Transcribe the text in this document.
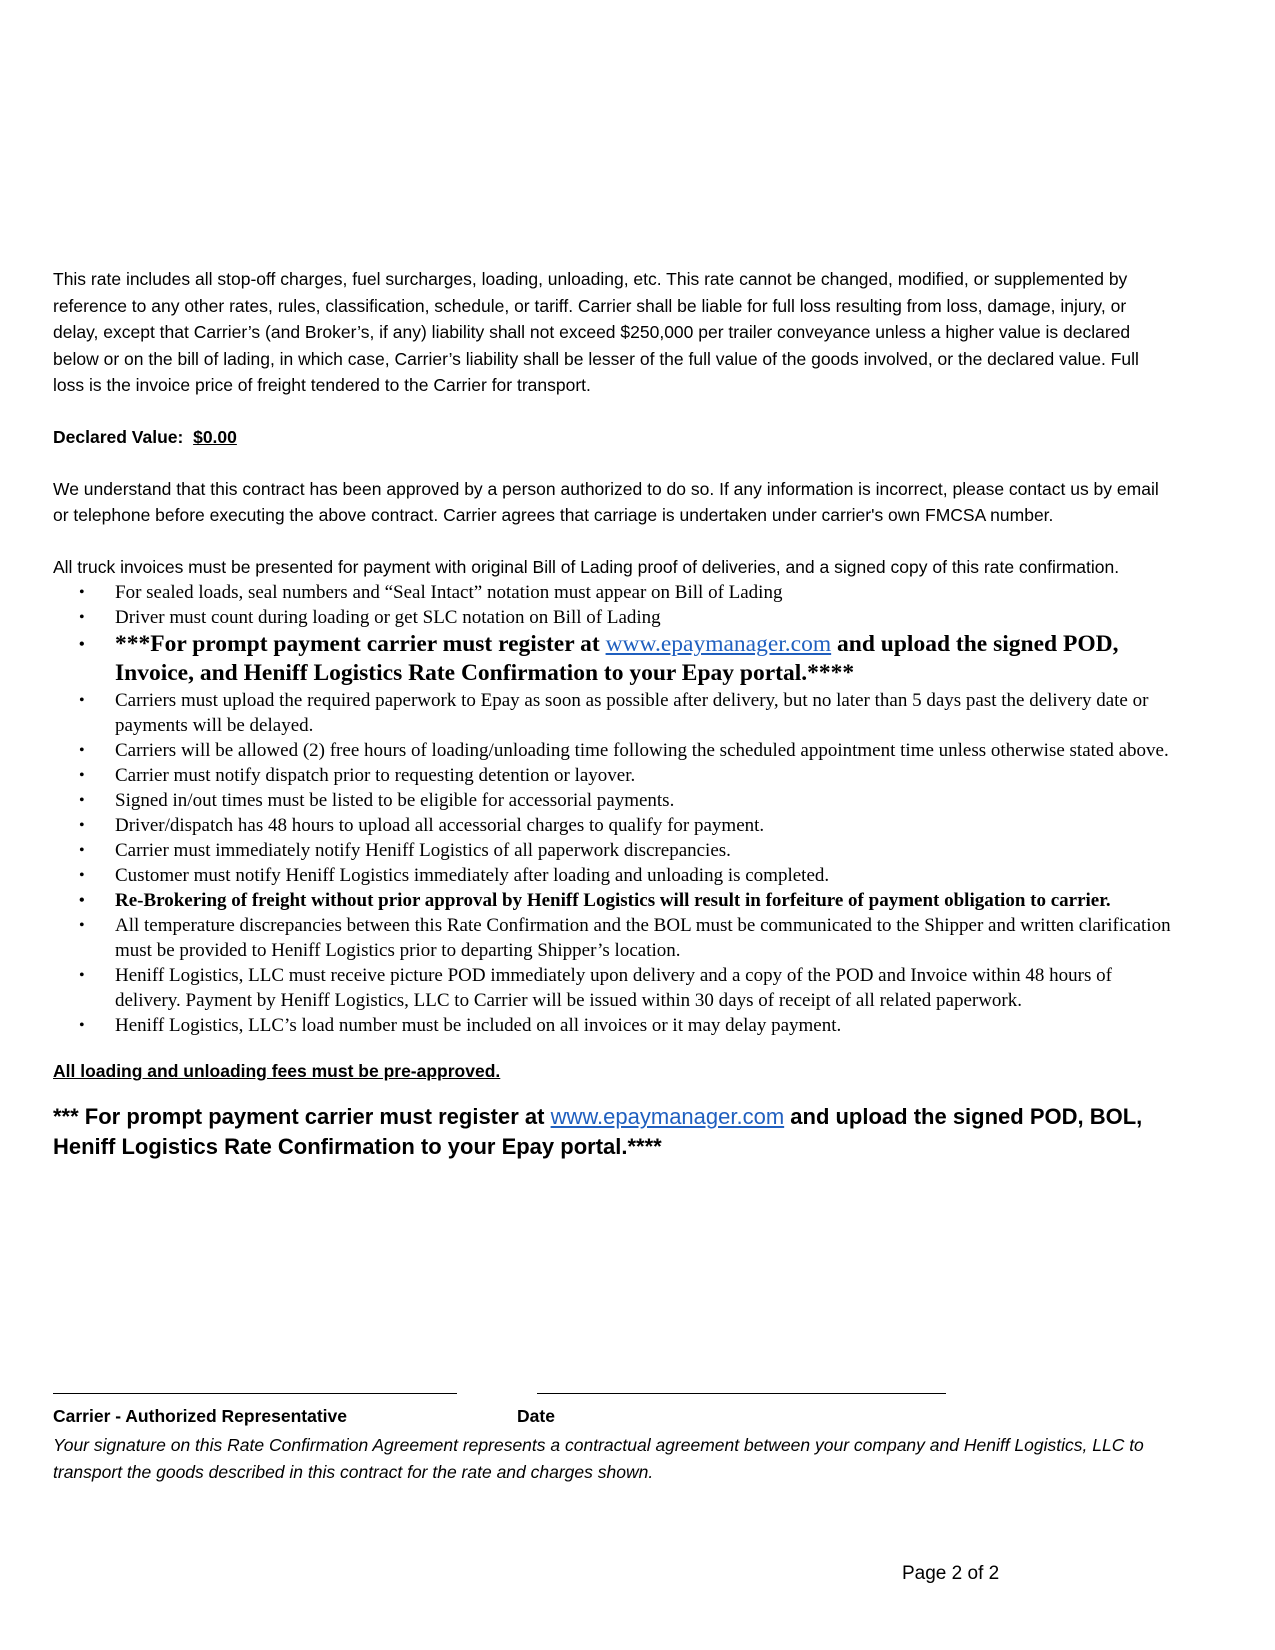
This rate includes all stop-off charges, fuel surcharges, loading, unloading, etc. This rate cannot be changed, modified, or supplemented by reference to any other rates, rules, classification, schedule, or tariff. Carrier shall be liable for full loss resulting from loss, damage, injury, or delay, except that Carrier’s (and Broker’s, if any) liability shall not exceed $250,000 per trailer conveyance unless a higher value is declared below or on the bill of lading, in which case, Carrier’s liability shall be lesser of the full value of the goods involved, or the declared value. Full loss is the invoice price of freight tendered to the Carrier for transport.

Declared Value: $0.00

We understand that this contract has been approved by a person authorized to do so. If any information is incorrect, please contact us by email or telephone before executing the above contract. Carrier agrees that carriage is undertaken under carrier's own FMCSA number.

All truck invoices must be presented for payment with original Bill of Lading proof of deliveries, and a signed copy of this rate confirmation.

• For sealed loads, seal numbers and “Seal Intact” notation must appear on Bill of Lading
• Driver must count during loading or get SLC notation on Bill of Lading
• ***For prompt payment carrier must register at www.epaymanager.com and upload the signed POD, Invoice, and Heniff Logistics Rate Confirmation to your Epay portal.****
• Carriers must upload the required paperwork to Epay as soon as possible after delivery, but no later than 5 days past the delivery date or payments will be delayed.
• Carriers will be allowed (2) free hours of loading/unloading time following the scheduled appointment time unless otherwise stated above.
• Carrier must notify dispatch prior to requesting detention or layover.
• Signed in/out times must be listed to be eligible for accessorial payments.
• Driver/dispatch has 48 hours to upload all accessorial charges to qualify for payment.
• Carrier must immediately notify Heniff Logistics of all paperwork discrepancies.
• Customer must notify Heniff Logistics immediately after loading and unloading is completed.
• Re-Brokering of freight without prior approval by Heniff Logistics will result in forfeiture of payment obligation to carrier.
• All temperature discrepancies between this Rate Confirmation and the BOL must be communicated to the Shipper and written clarification must be provided to Heniff Logistics prior to departing Shipper’s location.
• Heniff Logistics, LLC must receive picture POD immediately upon delivery and a copy of the POD and Invoice within 48 hours of delivery. Payment by Heniff Logistics, LLC to Carrier will be issued within 30 days of receipt of all related paperwork.
• Heniff Logistics, LLC’s load number must be included on all invoices or it may delay payment.

All loading and unloading fees must be pre-approved.

*** For prompt payment carrier must register at www.epaymanager.com and upload the signed POD, BOL, Heniff Logistics Rate Confirmation to your Epay portal.****

Carrier - Authorized Representative	Date

Your signature on this Rate Confirmation Agreement represents a contractual agreement between your company and Heniff Logistics, LLC to transport the goods described in this contract for the rate and charges shown.

Page 2 of 2
